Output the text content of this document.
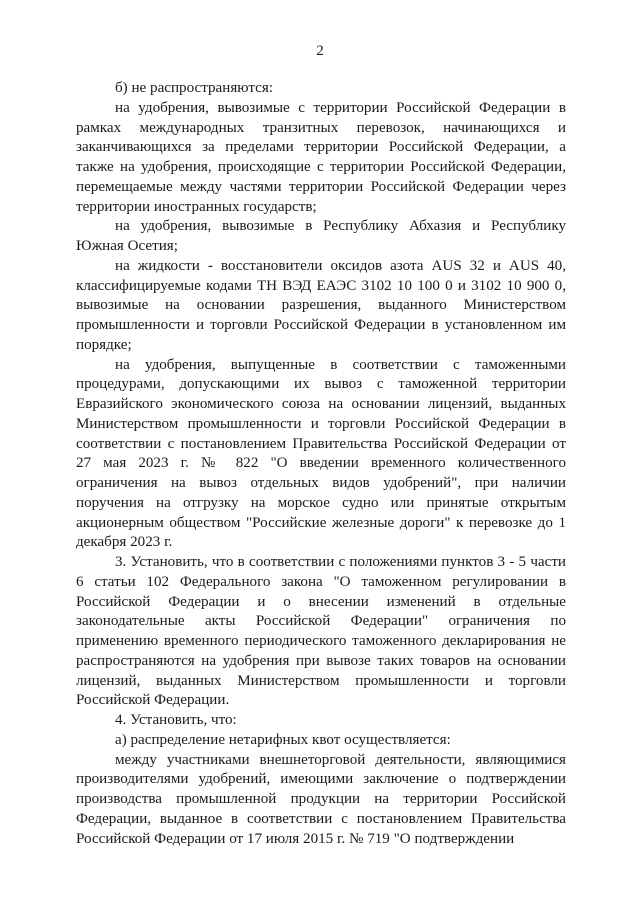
2

б) не распространяются:

на удобрения, вывозимые с территории Российской Федерации в рамках международных транзитных перевозок, начинающихся и заканчивающихся за пределами территории Российской Федерации, а также на удобрения, происходящие с территории Российской Федерации, перемещаемые между частями территории Российской Федерации через территории иностранных государств;

на удобрения, вывозимые в Республику Абхазия и Республику Южная Осетия;

на жидкости - восстановители оксидов азота AUS 32 и AUS 40, классифицируемые кодами ТН ВЭД ЕАЭС 3102 10 100 0 и 3102 10 900 0, вывозимые на основании разрешения, выданного Министерством промышленности и торговли Российской Федерации в установленном им порядке;

на удобрения, выпущенные в соответствии с таможенными процедурами, допускающими их вывоз с таможенной территории Евразийского экономического союза на основании лицензий, выданных Министерством промышленности и торговли Российской Федерации в соответствии с постановлением Правительства Российской Федерации от 27 мая 2023 г. № 822 "О введении временного количественного ограничения на вывоз отдельных видов удобрений", при наличии поручения на отгрузку на морское судно или принятые открытым акционерным обществом "Российские железные дороги" к перевозке до 1 декабря 2023 г.

3. Установить, что в соответствии с положениями пунктов 3 - 5 части 6 статьи 102 Федерального закона "О таможенном регулировании в Российской Федерации и о внесении изменений в отдельные законодательные акты Российской Федерации" ограничения по применению временного периодического таможенного декларирования не распространяются на удобрения при вывозе таких товаров на основании лицензий, выданных Министерством промышленности и торговли Российской Федерации.

4. Установить, что:

а) распределение нетарифных квот осуществляется:

между участниками внешнеторговой деятельности, являющимися производителями удобрений, имеющими заключение о подтверждении производства промышленной продукции на территории Российской Федерации, выданное в соответствии с постановлением Правительства Российской Федерации от 17 июля 2015 г. № 719 "О подтверждении
